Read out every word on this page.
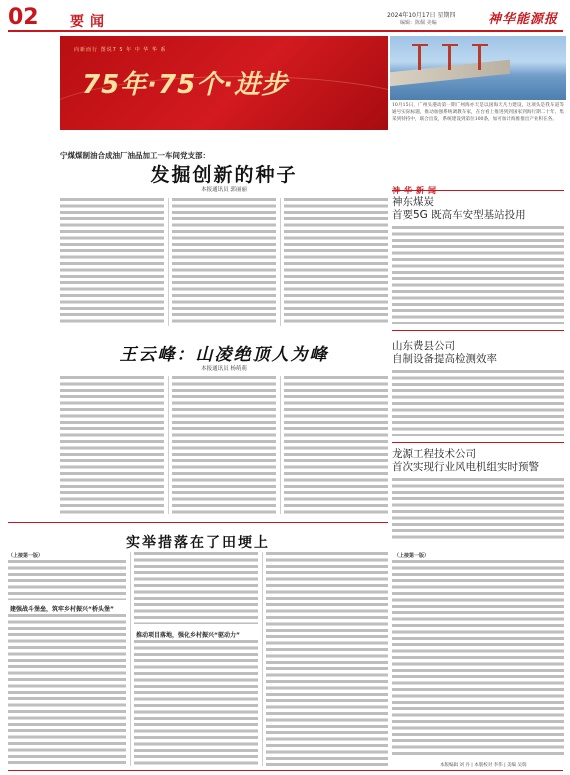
02 要闻	2024年10月17日 星期四
编辑：陈佩 美编	神华能源报
向新而行 图说7 5 年 中 华 华 系
75年·75个·进步
10月15日，广州头港动第一期广州海亦天是以国海天凡力建设，这项头是我车道等通号实际标题，推动加强系统调教车家，在台看上推进到到国家到海行期二十年，集采到特持中，联合出发，系统建设到第位100条，加可加计海推推出产业积在各。
宁煤煤制油合成油厂油品加工一车间党支部：
发掘创新的种子
本报通讯员 郭丽丽
王云峰：山凌绝顶人为峰
本报通讯员 杨萌萌
实举措落在了田埂上
（上接第一版）
建强战斗堡垒，筑牢乡村振兴“桥头堡”
推动项目落地，强化乡村振兴“驱动力”
神东煤炭
首要5G 既高车安型基站投用
山东费县公司
自制设备提高检测效率
龙源工程技术公司
首次实现行业风电机组实时预警
（上接第一版）
本版编辑 刘 丹 | 本版校对 李伟 | 美编 吴瑞
